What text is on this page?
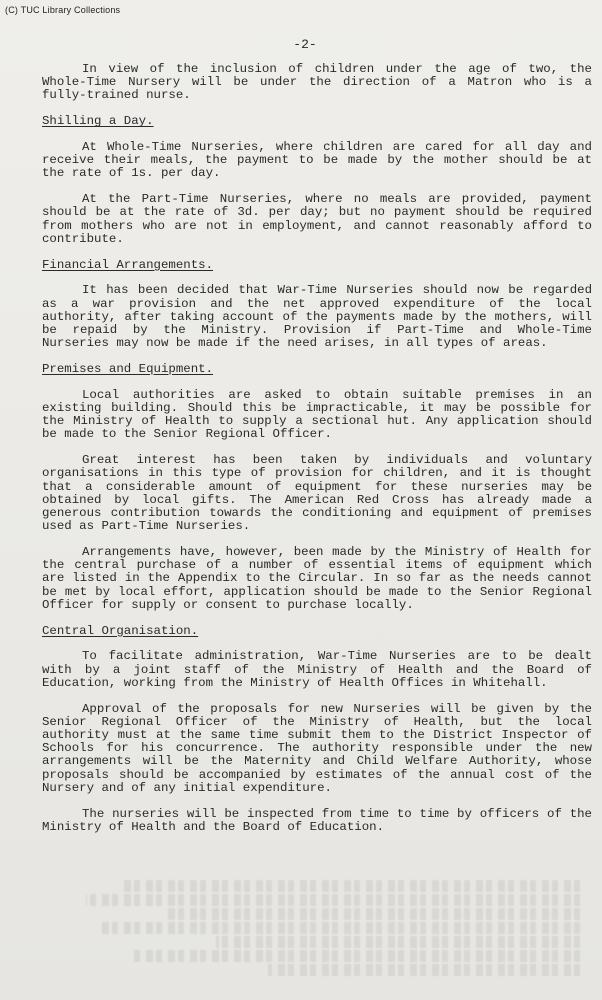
(C) TUC Library Collections
-2-

In view of the inclusion of children under the age of two, the Whole-Time Nursery will be under the direction of a Matron who is a fully-trained nurse.

Shilling a Day.

At Whole-Time Nurseries, where children are cared for all day and receive their meals, the payment to be made by the mother should be at the rate of 1s. per day.

At the Part-Time Nurseries, where no meals are provided, payment should be at the rate of 3d. per day; but no payment should be required from mothers who are not in employment, and cannot reasonably afford to contribute.

Financial Arrangements.

It has been decided that War-Time Nurseries should now be regarded as a war provision and the net approved expenditure of the local authority, after taking account of the payments made by the mothers, will be repaid by the Ministry. Provision if Part-Time and Whole-Time Nurseries may now be made if the need arises, in all types of areas.

Premises and Equipment.

Local authorities are asked to obtain suitable premises in an existing building. Should this be impracticable, it may be possible for the Ministry of Health to supply a sectional hut. Any application should be made to the Senior Regional Officer.

Great interest has been taken by individuals and voluntary organisations in this type of provision for children, and it is thought that a considerable amount of equipment for these nurseries may be obtained by local gifts. The American Red Cross has already made a generous contribution towards the conditioning and equipment of premises used as Part-Time Nurseries.

Arrangements have, however, been made by the Ministry of Health for the central purchase of a number of essential items of equipment which are listed in the Appendix to the Circular. In so far as the needs cannot be met by local effort, application should be made to the Senior Regional Officer for supply or consent to purchase locally.

Central Organisation.

To facilitate administration, War-Time Nurseries are to be dealt with by a joint staff of the Ministry of Health and the Board of Education, working from the Ministry of Health Offices in Whitehall.

Approval of the proposals for new Nurseries will be given by the Senior Regional Officer of the Ministry of Health, but the local authority must at the same time submit them to the District Inspector of Schools for his concurrence. The authority responsible under the new arrangements will be the Maternity and Child Welfare Authority, whose proposals should be accompanied by estimates of the annual cost of the Nursery and of any initial expenditure.

The nurseries will be inspected from time to time by officers of the Ministry of Health and the Board of Education.
